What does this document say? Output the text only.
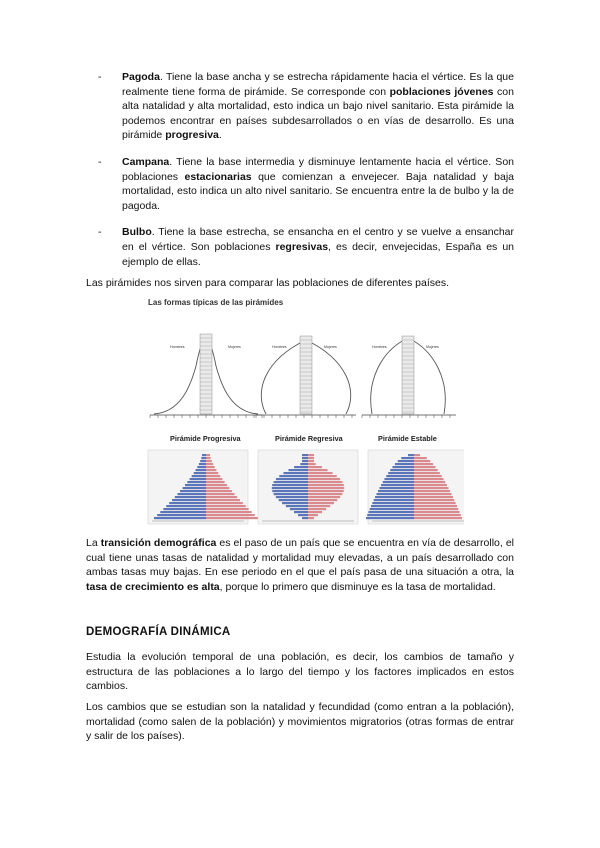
- Pagoda. Tiene la base ancha y se estrecha rápidamente hacia el vértice. Es la que realmente tiene forma de pirámide. Se corresponde con poblaciones jóvenes con alta natalidad y alta mortalidad, esto indica un bajo nivel sanitario. Esta pirámide la podemos encontrar en países subdesarrollados o en vías de desarrollo. Es una pirámide progresiva.

- Campana. Tiene la base intermedia y disminuye lentamente hacia el vértice. Son poblaciones estacionarias que comienzan a envejecer. Baja natalidad y baja mortalidad, esto indica un alto nivel sanitario. Se encuentra entre la de bulbo y la de pagoda.

- Bulbo. Tiene la base estrecha, se ensancha en el centro y se vuelve a ensanchar en el vértice. Son poblaciones regresivas, es decir, envejecidas, España es un ejemplo de ellas.

Las pirámides nos sirven para comparar las poblaciones de diferentes países.

Las formas típicas de las pirámides
Hombres	Mujeres	Hombres	Mujeres	Hombres	Mujeres
Pirámide Progresiva	Pirámide Regresiva	Pirámide Estable

La transición demográfica es el paso de un país que se encuentra en vía de desarrollo, el cual tiene unas tasas de natalidad y mortalidad muy elevadas, a un país desarrollado con ambas tasas muy bajas. En ese periodo en el que el país pasa de una situación a otra, la tasa de crecimiento es alta, porque lo primero que disminuye es la tasa de mortalidad.

DEMOGRAFÍA DINÁMICA

Estudia la evolución temporal de una población, es decir, los cambios de tamaño y estructura de las poblaciones a lo largo del tiempo y los factores implicados en estos cambios.

Los cambios que se estudian son la natalidad y fecundidad (como entran a la población), mortalidad (como salen de la población) y movimientos migratorios (otras formas de entrar y salir de los países).
